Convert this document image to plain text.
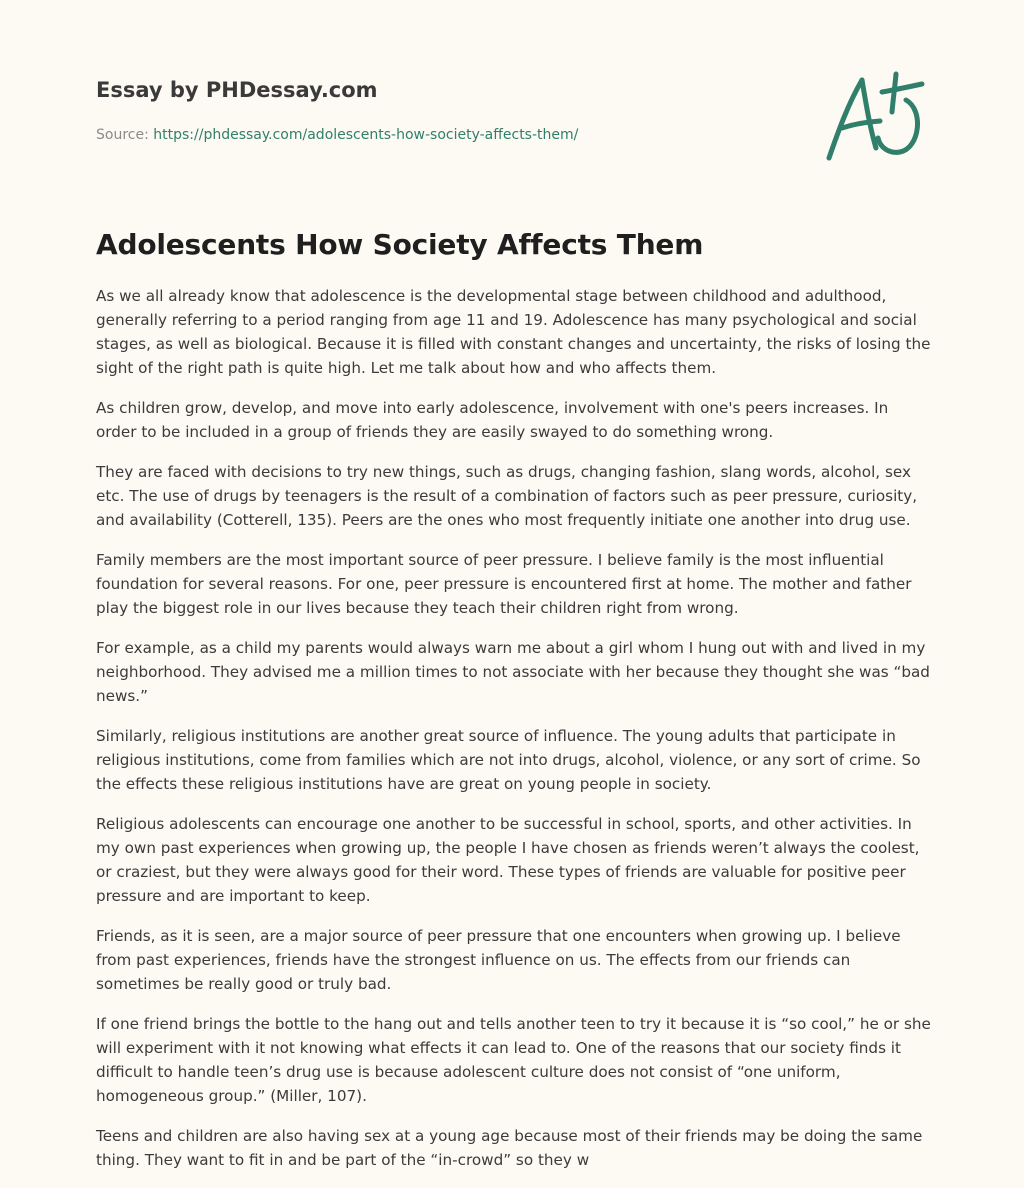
Essay by PHDessay.com

Source: https://phdessay.com/adolescents-how-society-affects-them/
Adolescents How Society Affects Them

As we all already know that adolescence is the developmental stage between childhood and adulthood, generally referring to a period ranging from age 11 and 19. Adolescence has many psychological and social stages, as well as biological. Because it is filled with constant changes and uncertainty, the risks of losing the sight of the right path is quite high. Let me talk about how and who affects them.

As children grow, develop, and move into early adolescence, involvement with one's peers increases. In order to be included in a group of friends they are easily swayed to do something wrong.

They are faced with decisions to try new things, such as drugs, changing fashion, slang words, alcohol, sex etc. The use of drugs by teenagers is the result of a combination of factors such as peer pressure, curiosity, and availability (Cotterell, 135). Peers are the ones who most frequently initiate one another into drug use.

Family members are the most important source of peer pressure. I believe family is the most influential foundation for several reasons. For one, peer pressure is encountered first at home. The mother and father play the biggest role in our lives because they teach their children right from wrong.

For example, as a child my parents would always warn me about a girl whom I hung out with and lived in my neighborhood. They advised me a million times to not associate with her because they thought she was “bad news.”

Similarly, religious institutions are another great source of influence. The young adults that participate in religious institutions, come from families which are not into drugs, alcohol, violence, or any sort of crime. So the effects these religious institutions have are great on young people in society.

Religious adolescents can encourage one another to be successful in school, sports, and other activities. In my own past experiences when growing up, the people I have chosen as friends weren’t always the coolest, or craziest, but they were always good for their word. These types of friends are valuable for positive peer pressure and are important to keep.

Friends, as it is seen, are a major source of peer pressure that one encounters when growing up. I believe from past experiences, friends have the strongest influence on us. The effects from our friends can sometimes be really good or truly bad.

If one friend brings the bottle to the hang out and tells another teen to try it because it is “so cool,” he or she will experiment with it not knowing what effects it can lead to. One of the reasons that our society finds it difficult to handle teen’s drug use is because adolescent culture does not consist of “one uniform, homogeneous group.” (Miller, 107).

Teens and children are also having sex at a young age because most of their friends may be doing the same thing. They want to fit in and be part of the “in-crowd” so they w
